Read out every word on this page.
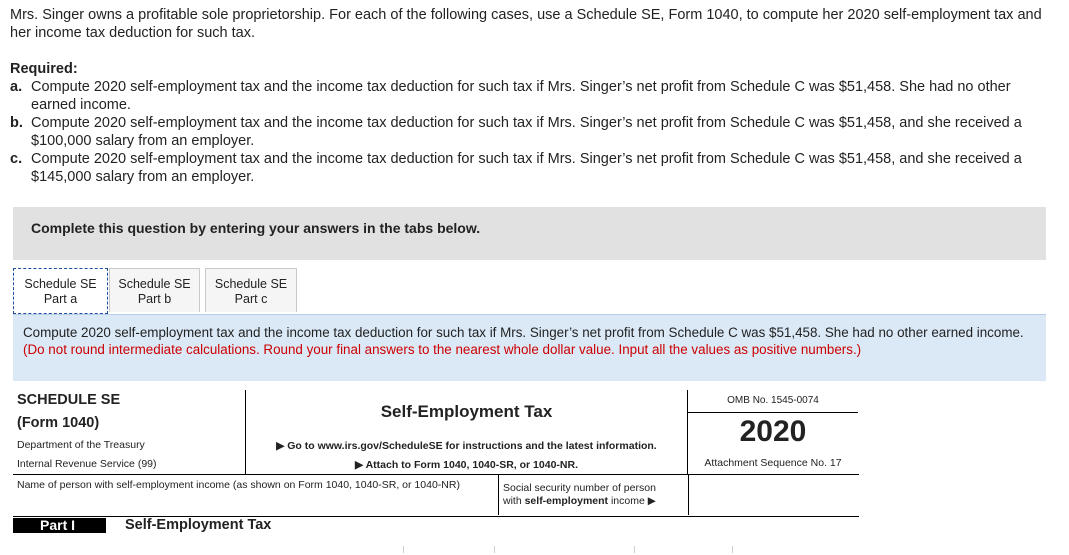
Mrs. Singer owns a profitable sole proprietorship. For each of the following cases, use a Schedule SE, Form 1040, to compute her 2020 self-employment tax and her income tax deduction for such tax.

Required:
a. Compute 2020 self-employment tax and the income tax deduction for such tax if Mrs. Singer’s net profit from Schedule C was $51,458. She had no other earned income.
b. Compute 2020 self-employment tax and the income tax deduction for such tax if Mrs. Singer’s net profit from Schedule C was $51,458, and she received a $100,000 salary from an employer.
c. Compute 2020 self-employment tax and the income tax deduction for such tax if Mrs. Singer’s net profit from Schedule C was $51,458, and she received a $145,000 salary from an employer.
Complete this question by entering your answers in the tabs below.
Schedule SE
Part a
Schedule SE
Part b
Schedule SE
Part c
Compute 2020 self-employment tax and the income tax deduction for such tax if Mrs. Singer’s net profit from Schedule C was $51,458. She had no other earned income. (Do not round intermediate calculations. Round your final answers to the nearest whole dollar value. Input all the values as positive numbers.)
SCHEDULE SE
(Form 1040)
Department of the Treasury
Internal Revenue Service (99)
Self-Employment Tax
▶ Go to www.irs.gov/ScheduleSE for instructions and the latest information.
▶ Attach to Form 1040, 1040-SR, or 1040-NR.
OMB No. 1545-0074
2020
Attachment Sequence No. 17
Name of person with self-employment income (as shown on Form 1040, 1040-SR, or 1040-NR)	Social security number of person
with self-employment income ▶
Part I	Self-Employment Tax
